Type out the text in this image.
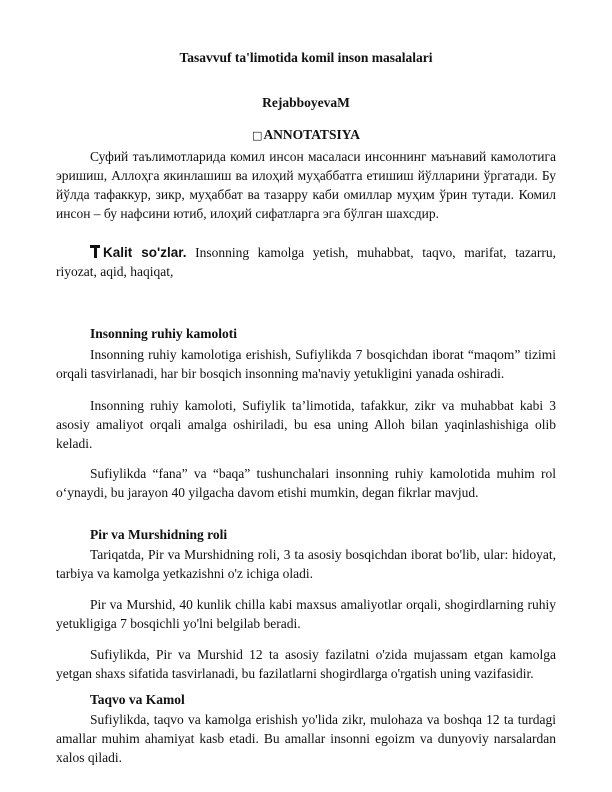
Tasavvuf ta'limotida komil inson masalalari
RejabboyevaM
□ANNOTATSIYA

Суфий таълимотларида комил инсон масаласи инсоннинг маънавий камолотига эришиш, Аллоҳга якинлашиш ва илоҳий муҳаббатга етишиш йўлларини ўргатади. Бу йўлда тафаккур, зикр, муҳаббат ва тазарру каби омиллар муҳим ўрин тутади. Комил инсон – бу нафсини ютиб, илоҳий сифатларга эга бўлган шахсдир.

Kalit so'zlar. Insonning kamolga yetish, muhabbat, taqvo, marifat, tazarru, riyozat, aqid, haqiqat,

Insonning ruhiy kamoloti

Insonning ruhiy kamolotiga erishish, Sufiylikda 7 bosqichdan iborat “maqom” tizimi orqali tasvirlanadi, har bir bosqich insonning ma'naviy yetukligini yanada oshiradi.

Insonning ruhiy kamoloti, Sufiylik ta’limotida, tafakkur, zikr va muhabbat kabi 3 asosiy amaliyot orqali amalga oshiriladi, bu esa uning Alloh bilan yaqinlashishiga olib keladi.

Sufiylikda “fana” va “baqa” tushunchalari insonning ruhiy kamolotida muhim rol o‘ynaydi, bu jarayon 40 yilgacha davom etishi mumkin, degan fikrlar mavjud.

Pir va Murshidning roli

Tariqatda, Pir va Murshidning roli, 3 ta asosiy bosqichdan iborat bo'lib, ular: hidoyat, tarbiya va kamolga yetkazishni o'z ichiga oladi.

Pir va Murshid, 40 kunlik chilla kabi maxsus amaliyotlar orqali, shogirdlarning ruhiy yetukligiga 7 bosqichli yo'lni belgilab beradi.

Sufiylikda, Pir va Murshid 12 ta asosiy fazilatni o'zida mujassam etgan kamolga yetgan shaxs sifatida tasvirlanadi, bu fazilatlarni shogirdlarga o'rgatish uning vazifasidir.

Taqvo va Kamol

Sufiylikda, taqvo va kamolga erishish yo'lida zikr, mulohaza va boshqa 12 ta turdagi amallar muhim ahamiyat kasb etadi. Bu amallar insonni egoizm va dunyoviy narsalardan xalos qiladi.
